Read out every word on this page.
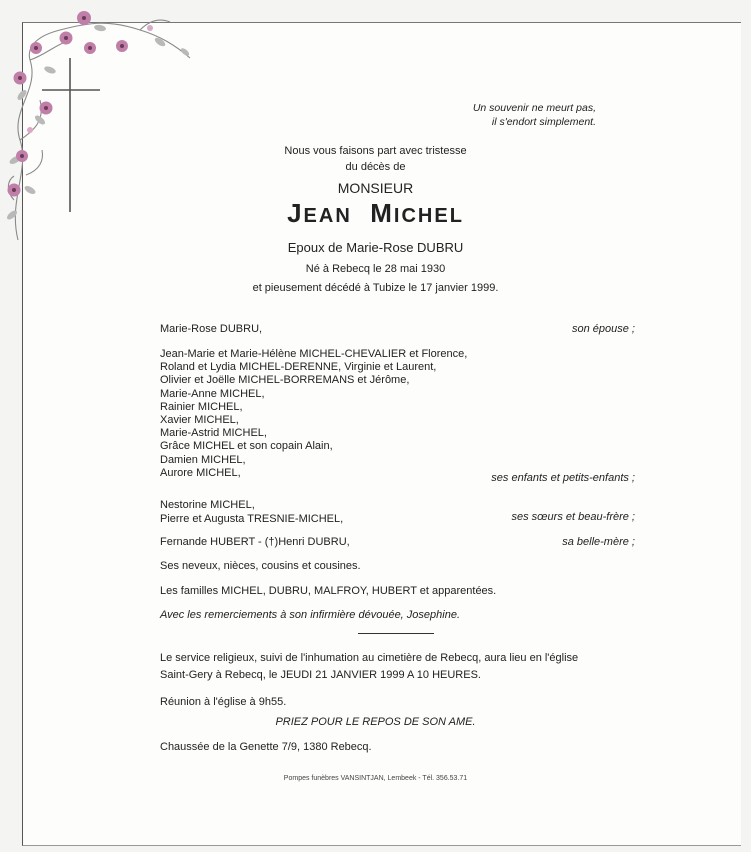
Un souvenir ne meurt pas,
il s'endort simplement.
Nous vous faisons part avec tristesse
du décès de
MONSIEUR
JEAN MICHEL
Epoux de Marie-Rose DUBRU
Né à Rebecq le 28 mai 1930
et pieusement décédé à Tubize le 17 janvier 1999.
Marie-Rose DUBRU,	son épouse ;
Jean-Marie et Marie-Hélène MICHEL-CHEVALIER et Florence,
Roland et Lydia MICHEL-DERENNE, Virginie et Laurent,
Olivier et Joëlle MICHEL-BORREMANS et Jérôme,
Marie-Anne MICHEL,
Rainier MICHEL,
Xavier MICHEL,
Marie-Astrid MICHEL,
Grâce MICHEL et son copain Alain,
Damien MICHEL,
Aurore MICHEL,	ses enfants et petits-enfants ;
Nestorine MICHEL,
Pierre et Augusta TRESNIE-MICHEL,	ses sœurs et beau-frère ;
Fernande HUBERT - (†)Henri DUBRU,	sa belle-mère ;
Ses neveux, nièces, cousins et cousines.
Les familles MICHEL, DUBRU, MALFROY, HUBERT et apparentées.
Avec les remerciements à son infirmière dévouée, Josephine.
Le service religieux, suivi de l'inhumation au cimetière de Rebecq, aura lieu en l'église
Saint-Gery à Rebecq, le JEUDI 21 JANVIER 1999 A 10 HEURES.
Réunion à l'église à 9h55.
PRIEZ POUR LE REPOS DE SON AME.
Chaussée de la Genette 7/9, 1380 Rebecq.
Pompes funèbres VANSINTJAN, Lembeek - Tél. 356.53.71
